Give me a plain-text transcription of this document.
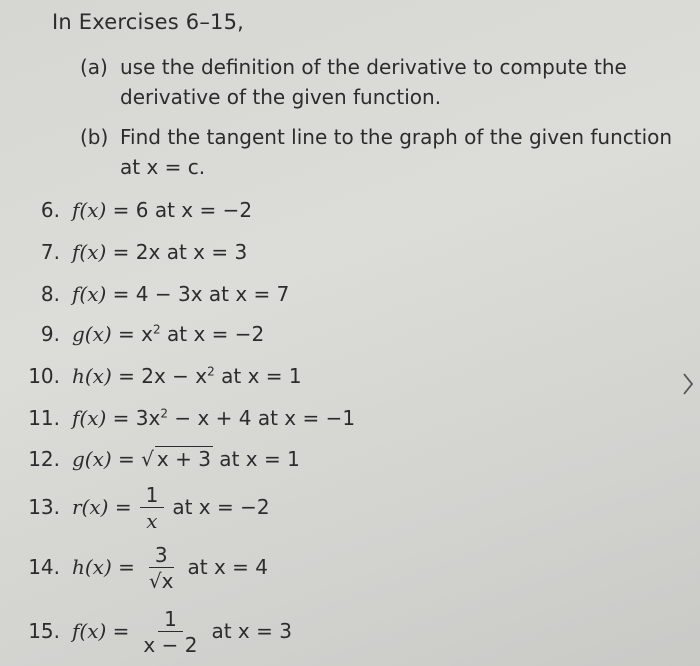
In Exercises 6–15,
(a) use the definition of the derivative to compute the derivative of the given function.
(b) Find the tangent line to the graph of the given function at x = c.
6. f(x) = 6 at x = −2
7. f(x) = 2x at x = 3
8. f(x) = 4 − 3x at x = 7
9. $g(x) = x^2$ at x = −2
10. $h(x) = 2x - x^2$ at x = 1
11. $f(x) = 3x^2 - x + 4$ at x = −1
12. g(x) = √ x + 3 at x = 1
13. $r(x) = \frac{1}{x}$ at x = −2
14. $h(x) = \frac{3}{√x}$ at x = 4
15. $f(x) = \frac{1}{x - 2}$ at x = 3
